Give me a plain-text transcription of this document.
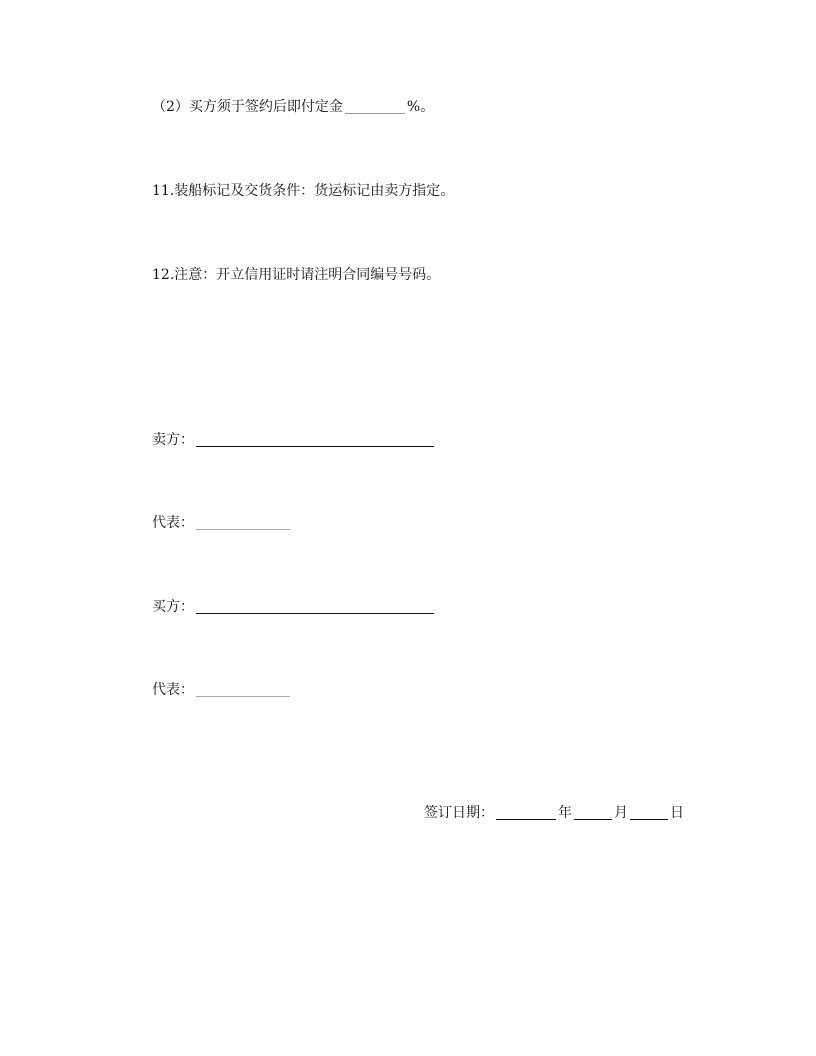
（2）买方须于签约后即付定金	%。
11.装船标记及交货条件：货运标记由卖方指定。
12.注意：开立信用证时请注明合同编号号码。
卖方：
代表：
买方：
代表：
签订日期：	年	月	日
